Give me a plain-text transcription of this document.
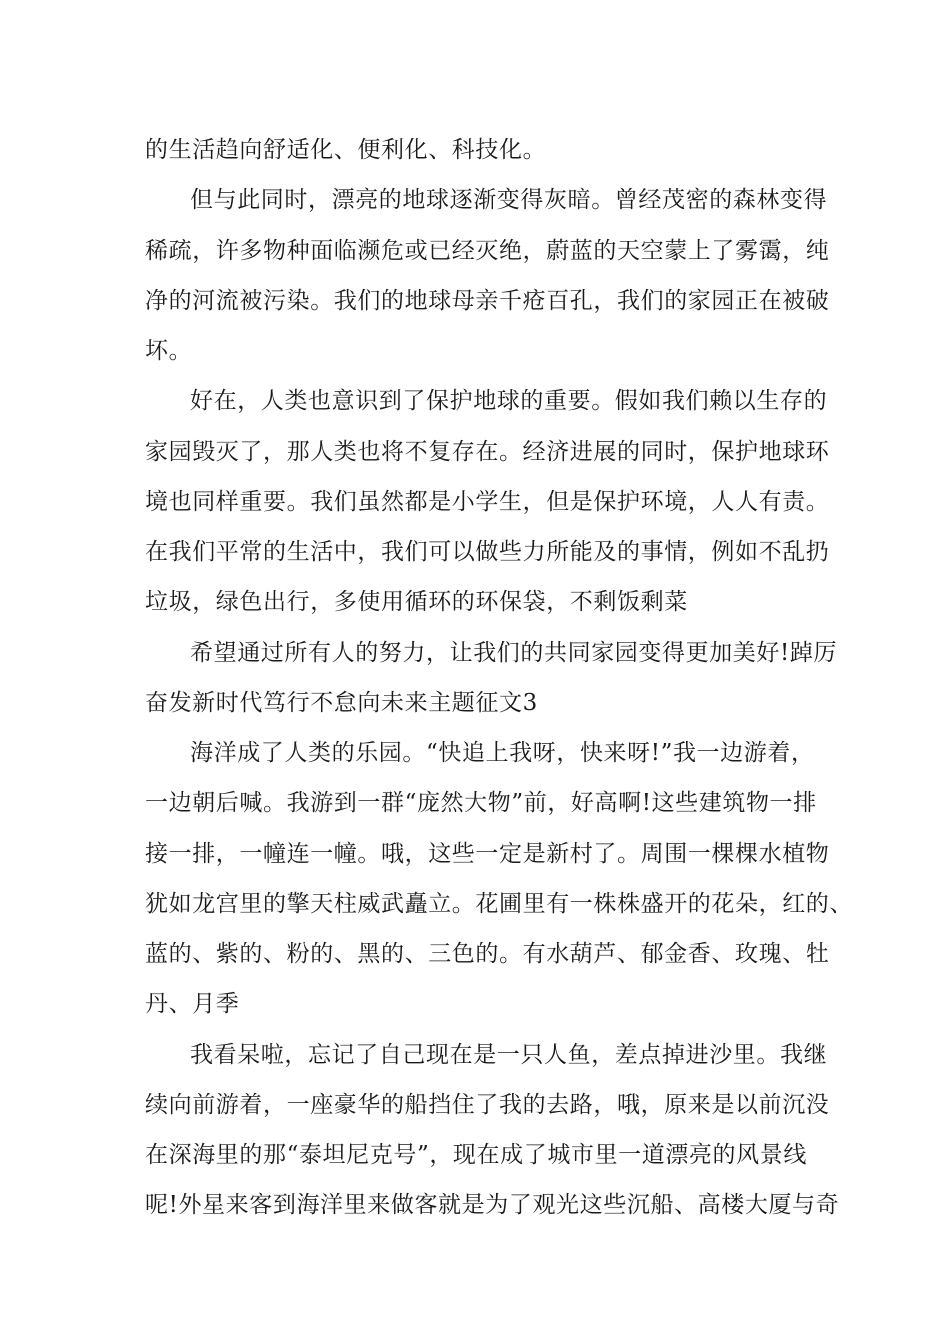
的生活趋向舒适化、便利化、科技化。

但与此同时，漂亮的地球逐渐变得灰暗。曾经茂密的森林变得

稀疏，许多物种面临濒危或已经灭绝，蔚蓝的天空蒙上了雾霭，纯

净的河流被污染。我们的地球母亲千疮百孔，我们的家园正在被破

坏。

好在，人类也意识到了保护地球的重要。假如我们赖以生存的

家园毁灭了，那人类也将不复存在。经济进展的同时，保护地球环

境也同样重要。我们虽然都是小学生，但是保护环境，人人有责。

在我们平常的生活中，我们可以做些力所能及的事情，例如不乱扔

垃圾，绿色出行，多使用循环的环保袋，不剩饭剩菜

希望通过所有人的努力，让我们的共同家园变得更加美好!踔厉

奋发新时代笃行不怠向未来主题征文3

海洋成了人类的乐园。“快追上我呀，快来呀!”我一边游着，

一边朝后喊。我游到一群“庞然大物”前，好高啊!这些建筑物一排

接一排，一幢连一幢。哦，这些一定是新村了。周围一棵棵水植物

犹如龙宫里的擎天柱威武矗立。花圃里有一株株盛开的花朵，红的、

蓝的、紫的、粉的、黑的、三色的。有水葫芦、郁金香、玫瑰、牡

丹、月季

我看呆啦，忘记了自己现在是一只人鱼，差点掉进沙里。我继

续向前游着，一座豪华的船挡住了我的去路，哦，原来是以前沉没

在深海里的那“泰坦尼克号”，现在成了城市里一道漂亮的风景线

呢!外星来客到海洋里来做客就是为了观光这些沉船、高楼大厦与奇
